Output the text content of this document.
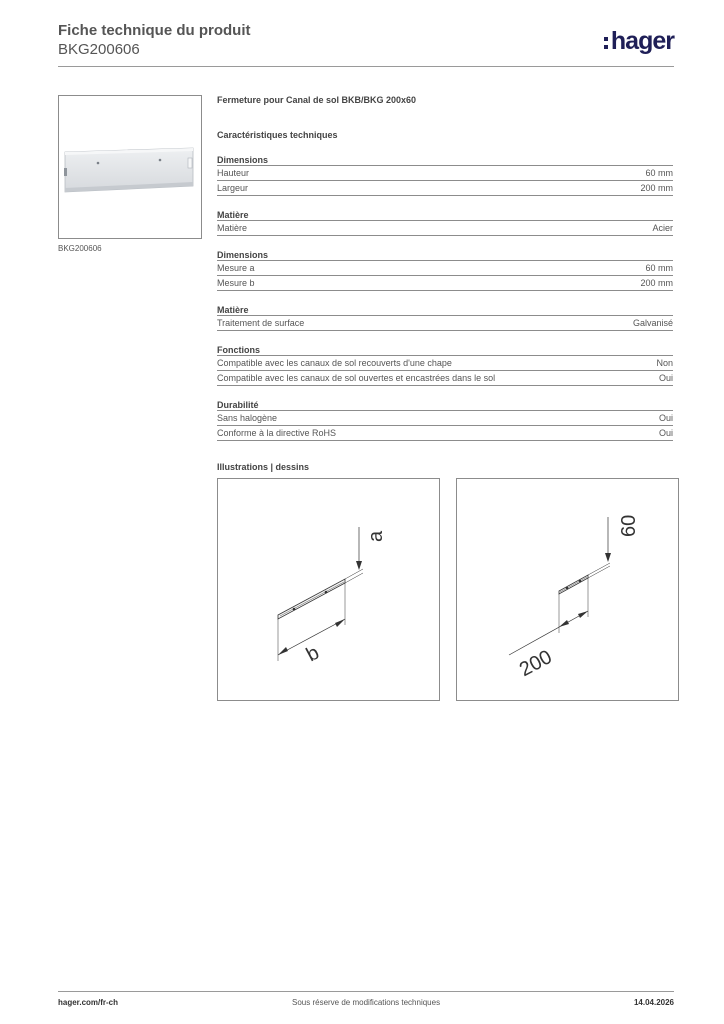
Fiche technique du produit
BKG200606	hager
BKG200606
Fermeture pour Canal de sol BKB/BKG 200x60
Caractéristiques techniques
Dimensions
Hauteur	60 mm
Largeur	200 mm
Matière
Matière	Acier
Dimensions
Mesure a	60 mm
Mesure b	200 mm
Matière
Traitement de surface	Galvanisé
Fonctions
Compatible avec les canaux de sol recouverts d'une chape	Non
Compatible avec les canaux de sol ouvertes et encastrées dans le sol	Oui
Durabilité
Sans halogène	Oui
Conforme à la directive RoHS	Oui
Illustrations | dessins
a
b
60
200
hager.com/fr-ch	Sous réserve de modifications techniques	14.04.2026
